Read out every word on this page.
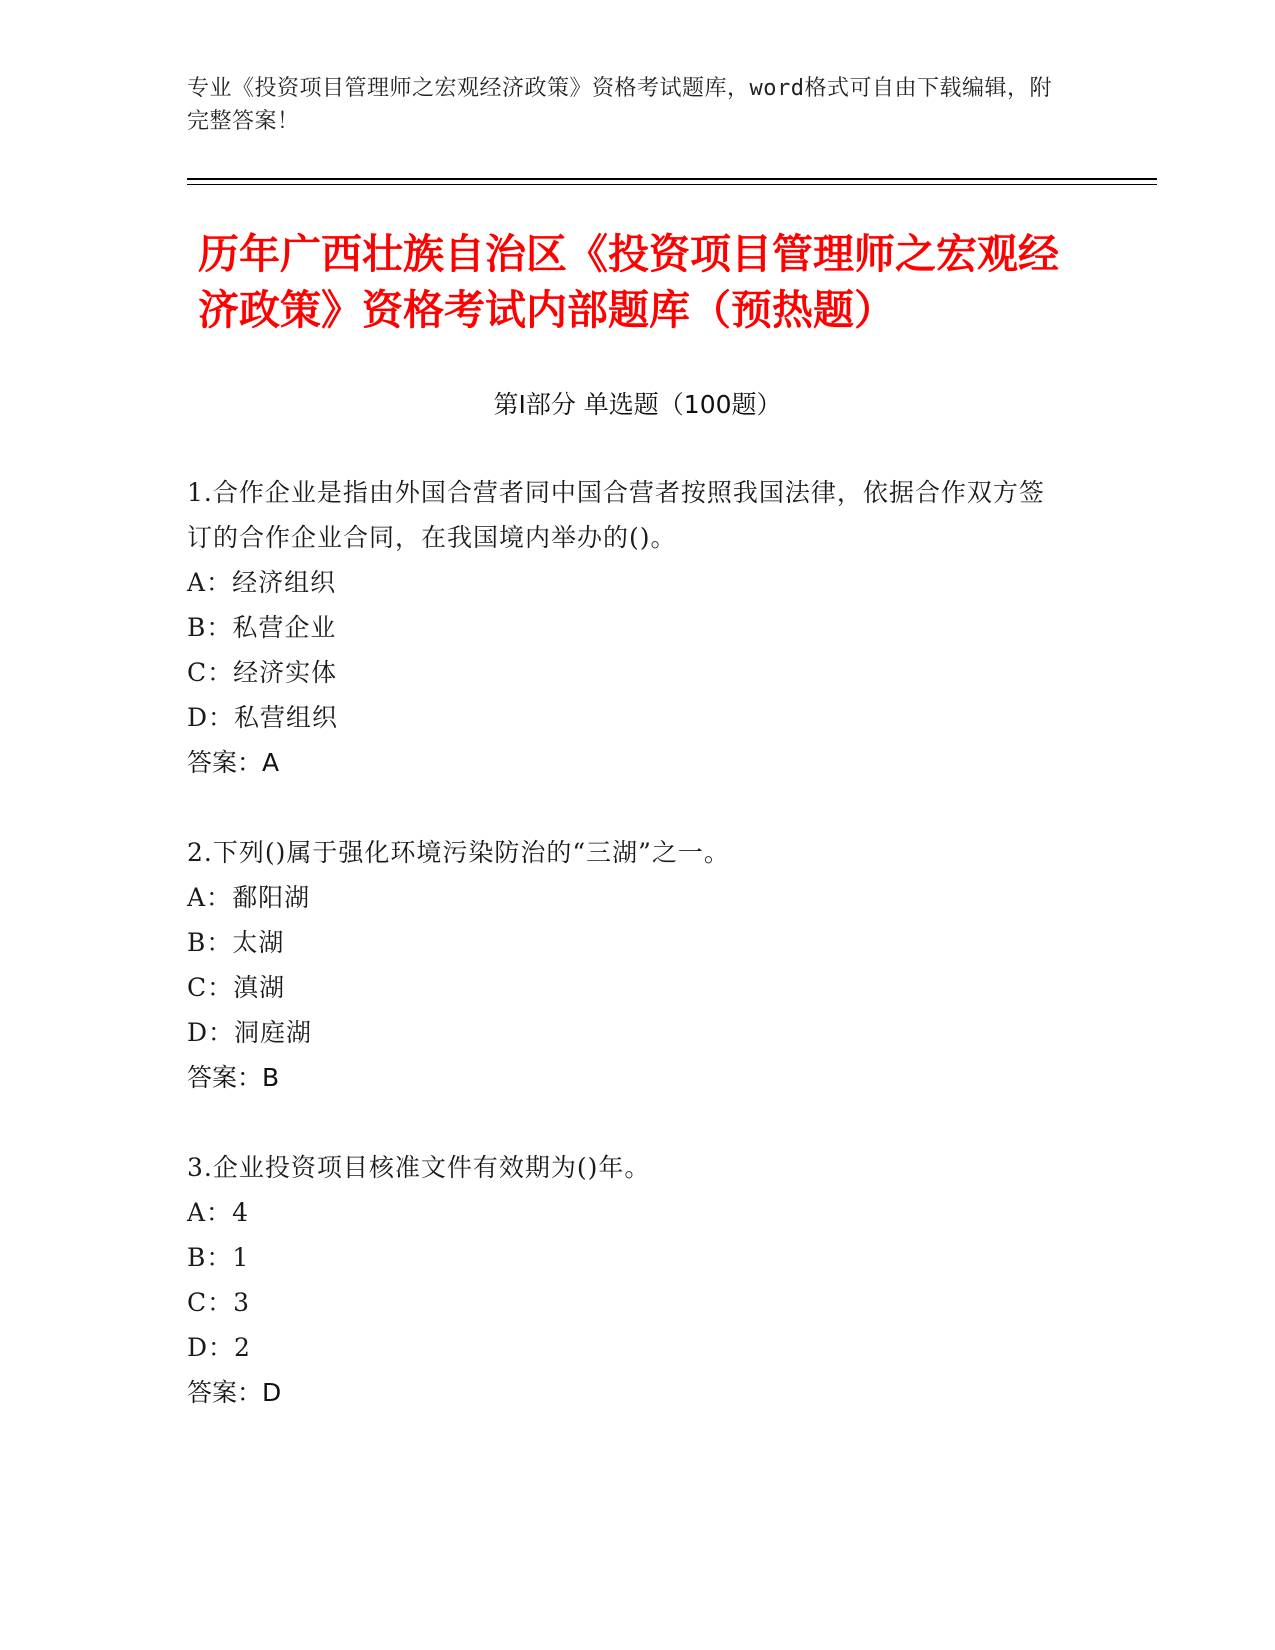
专业《投资项目管理师之宏观经济政策》资格考试题库，word格式可自由下载编辑，附完整答案！
历年广西壮族自治区《投资项目管理师之宏观经济政策》资格考试内部题库（预热题）
第Ⅰ部分 单选题（100题）
1.合作企业是指由外国合营者同中国合营者按照我国法律，依据合作双方签订的合作企业合同，在我国境内举办的()。
A：经济组织
B：私营企业
C：经济实体
D：私营组织
答案：A
2.下列()属于强化环境污染防治的“三湖”之一。
A：鄱阳湖
B：太湖
C：滇湖
D：洞庭湖
答案：B
3.企业投资项目核准文件有效期为()年。
A：4
B：1
C：3
D：2
答案：D
